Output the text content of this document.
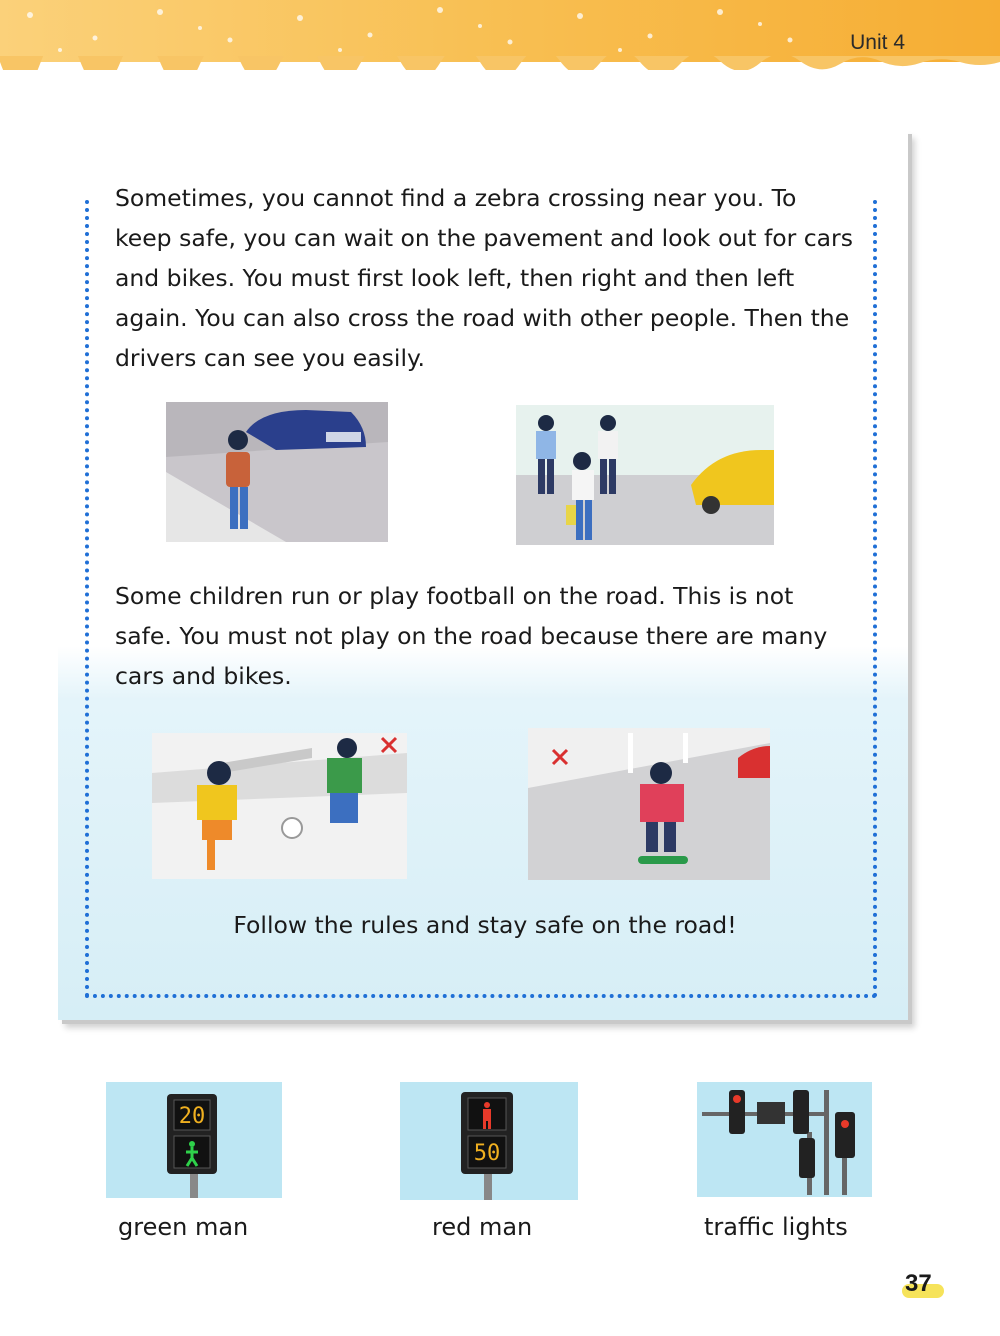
Unit 4

Sometimes, you cannot find a zebra crossing near you. To keep safe, you can wait on the pavement and look out for cars and bikes. You must first look left, then right and then left again. You can also cross the road with other people. Then the drivers can see you easily.

Some children run or play football on the road. This is not safe. You must not play on the road because there are many cars and bikes.

Follow the rules and stay safe on the road!

20
50
green man	red man	traffic lights
37
